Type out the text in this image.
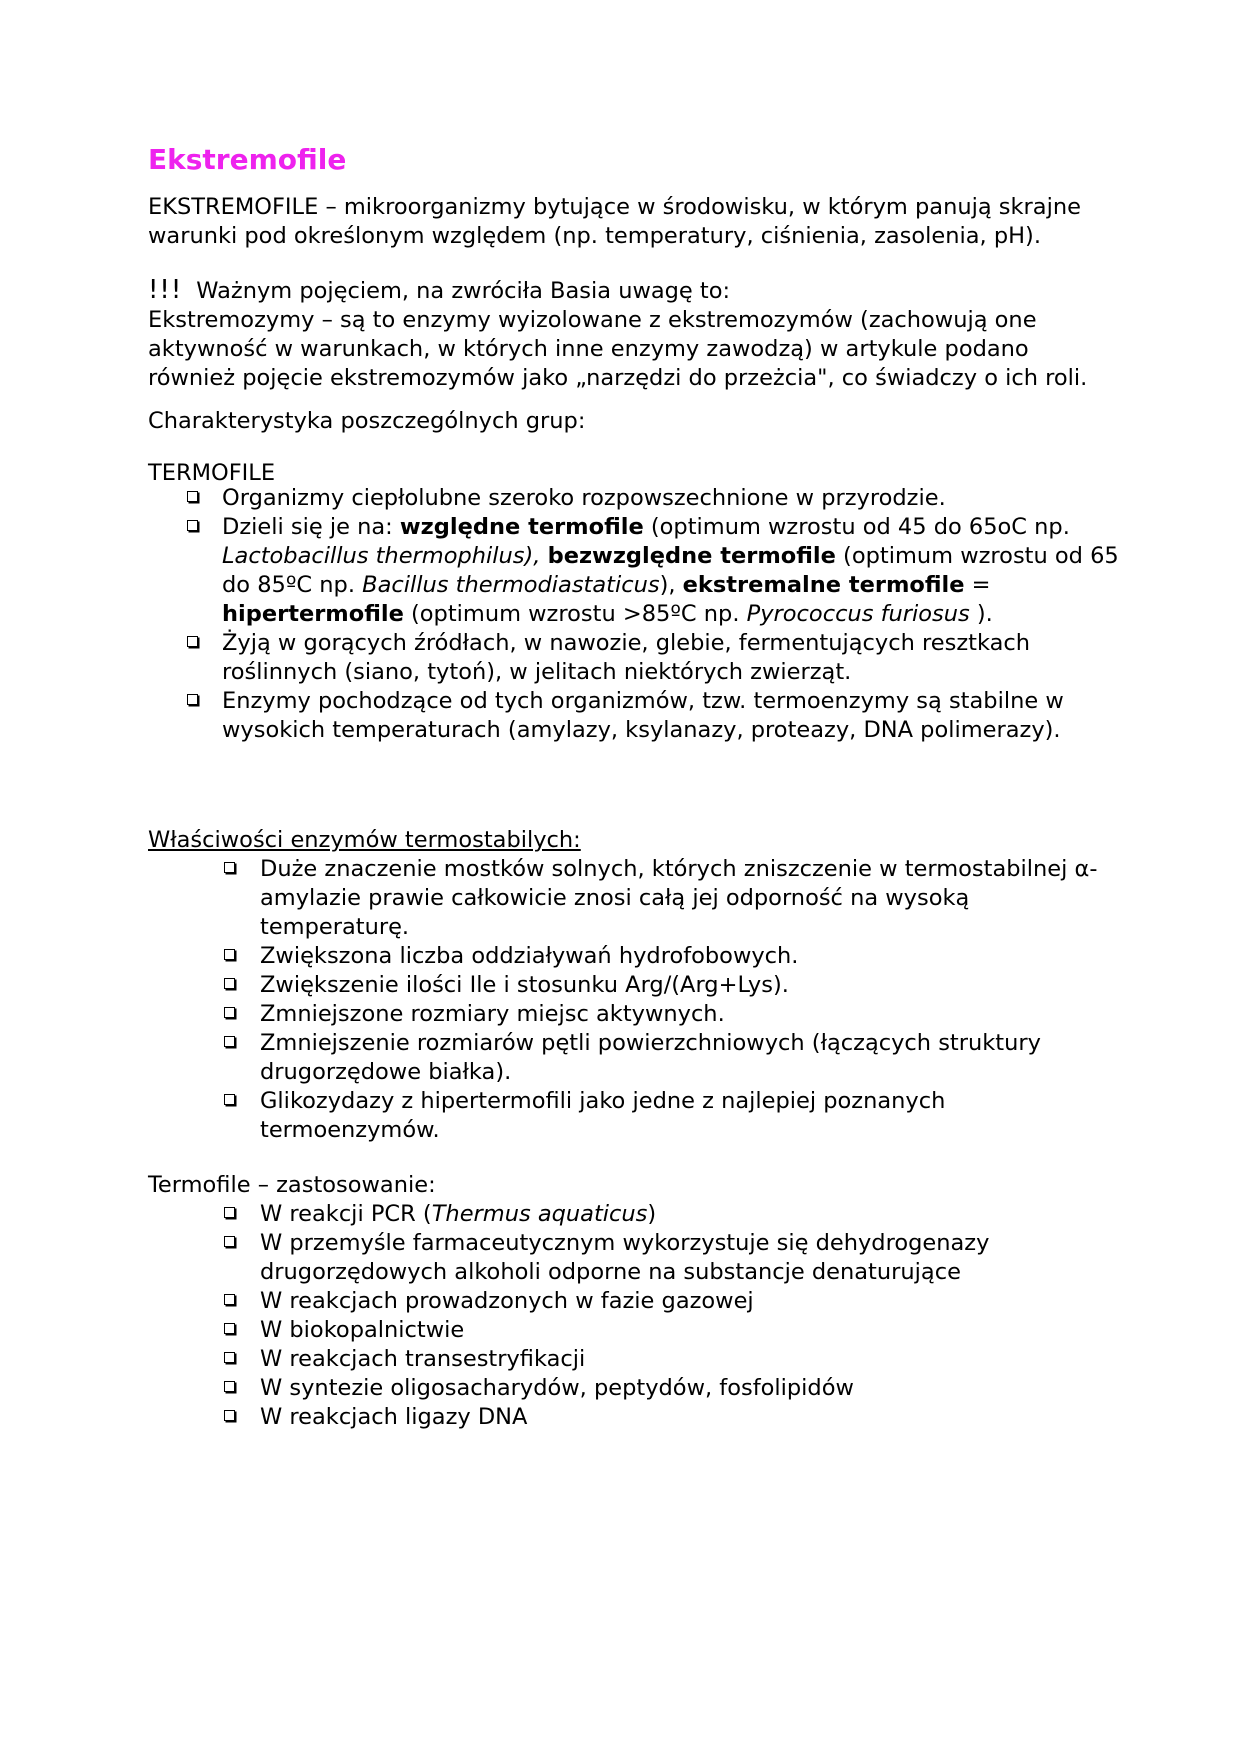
Ekstremofile

EKSTREMOFILE – mikroorganizmy bytujące w środowisku, w którym panują skrajne
warunki pod określonym względem (np. temperatury, ciśnienia, zasolenia, pH).

!!! Ważnym pojęciem, na zwróciła Basia uwagę to:
Ekstremozymy – są to enzymy wyizolowane z ekstremozymów (zachowują one
aktywność w warunkach, w których inne enzymy zawodzą) w artykule podano
również pojęcie ekstremozymów jako „narzędzi do przeżcia", co świadczy o ich roli.

Charakterystyka poszczególnych grup:

TERMOFILE

Organizmy ciepłolubne szeroko rozpowszechnione w przyrodzie.
Dzieli się je na: względne termofile (optimum wzrostu od 45 do 65oC np.
Lactobacillus thermophilus), bezwzględne termofile (optimum wzrostu od 65
do 85ºC np. Bacillus thermodiastaticus), ekstremalne termofile =
hipertermofile (optimum wzrostu >85ºC np. Pyrococcus furiosus ).
Żyją w gorących źródłach, w nawozie, glebie, fermentujących resztkach
roślinnych (siano, tytoń), w jelitach niektórych zwierząt.
Enzymy pochodzące od tych organizmów, tzw. termoenzymy są stabilne w
wysokich temperaturach (amylazy, ksylanazy, proteazy, DNA polimerazy).

Właściwości enzymów termostabilych:

Duże znaczenie mostków solnych, których zniszczenie w termostabilnej α-
amylazie prawie całkowicie znosi całą jej odporność na wysoką
temperaturę.
Zwiększona liczba oddziaływań hydrofobowych.
Zwiększenie ilości Ile i stosunku Arg/(Arg+Lys).
Zmniejszone rozmiary miejsc aktywnych.
Zmniejszenie rozmiarów pętli powierzchniowych (łączących struktury
drugorzędowe białka).
Glikozydazy z hipertermofili jako jedne z najlepiej poznanych
termoenzymów.

Termofile – zastosowanie:

W reakcji PCR (Thermus aquaticus)
W przemyśle farmaceutycznym wykorzystuje się dehydrogenazy
drugorzędowych alkoholi odporne na substancje denaturujące
W reakcjach prowadzonych w fazie gazowej
W biokopalnictwie
W reakcjach transestryfikacji
W syntezie oligosacharydów, peptydów, fosfolipidów
W reakcjach ligazy DNA
